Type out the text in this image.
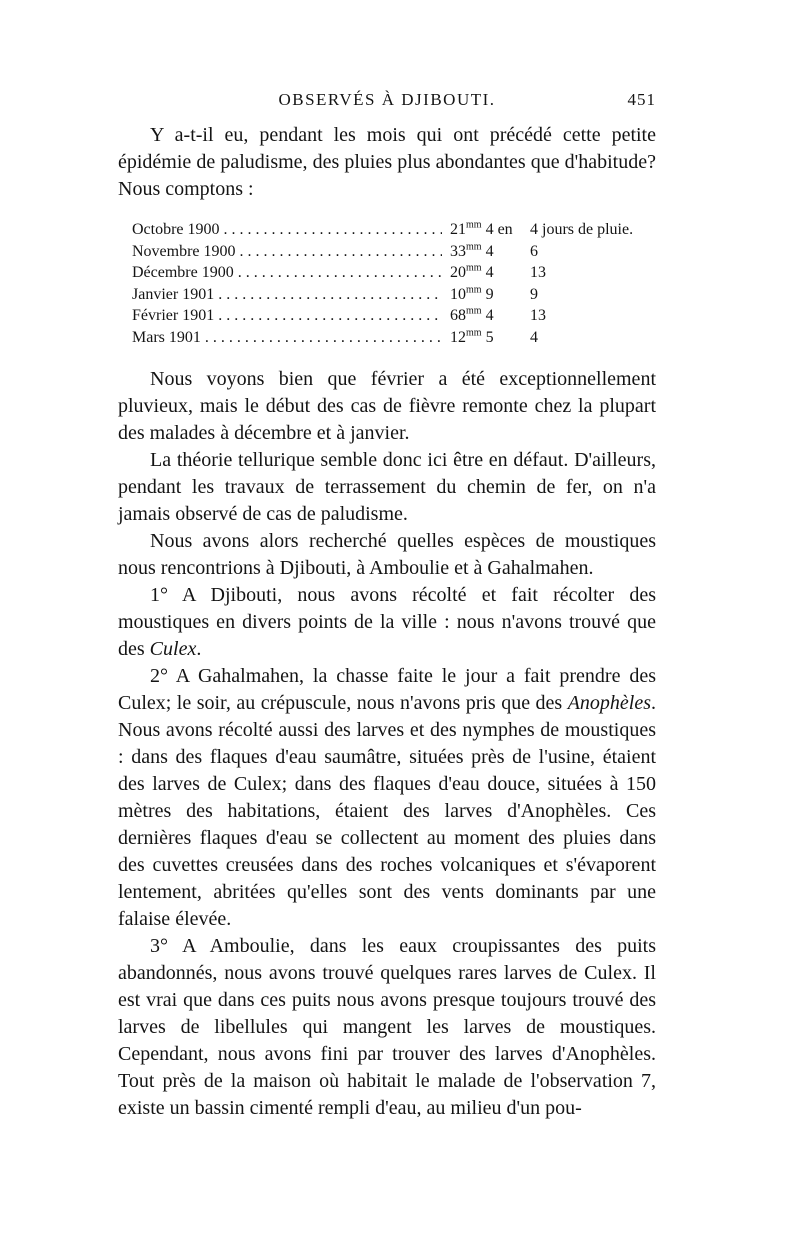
OBSERVÉS À DJIBOUTI.	451

Y a-t-il eu, pendant les mois qui ont précédé cette petite épidémie de paludisme, des pluies plus abondantes que d'habitude? Nous comptons :

Octobre 1900 . . .	$21^{mm}$ 4 en	4 jours de pluie.
Novembre 1900 . . .	$33^{mm}$ 4	6
Décembre 1900 . . .	$20^{mm}$ 4	13
Janvier 1901 . . .	$10^{mm}$ 9	9
Février 1901 . . .	$68^{mm}$ 4	13
Mars 1901 . . .	$12^{mm}$ 5	4

Nous voyons bien que février a été exceptionnellement pluvieux, mais le début des cas de fièvre remonte chez la plupart des malades à décembre et à janvier.

La théorie tellurique semble donc ici être en défaut. D'ailleurs, pendant les travaux de terrassement du chemin de fer, on n'a jamais observé de cas de paludisme.

Nous avons alors recherché quelles espèces de moustiques nous rencontrions à Djibouti, à Amboulie et à Gahalmahen.

1° A Djibouti, nous avons récolté et fait récolter des moustiques en divers points de la ville : nous n'avons trouvé que des Culex.

2° A Gahalmahen, la chasse faite le jour a fait prendre des Culex; le soir, au crépuscule, nous n'avons pris que des Anophèles. Nous avons récolté aussi des larves et des nymphes de moustiques : dans des flaques d'eau saumâtre, situées près de l'usine, étaient des larves de Culex; dans des flaques d'eau douce, situées à 150 mètres des habitations, étaient des larves d'Anophèles. Ces dernières flaques d'eau se collectent au moment des pluies dans des cuvettes creusées dans des roches volcaniques et s'évaporent lentement, abritées qu'elles sont des vents dominants par une falaise élevée.

3° A Amboulie, dans les eaux croupissantes des puits abandonnés, nous avons trouvé quelques rares larves de Culex. Il est vrai que dans ces puits nous avons presque toujours trouvé des larves de libellules qui mangent les larves de moustiques. Cependant, nous avons fini par trouver des larves d'Anophèles. Tout près de la maison où habitait le malade de l'observation 7, existe un bassin cimenté rempli d'eau, au milieu d'un pou-
